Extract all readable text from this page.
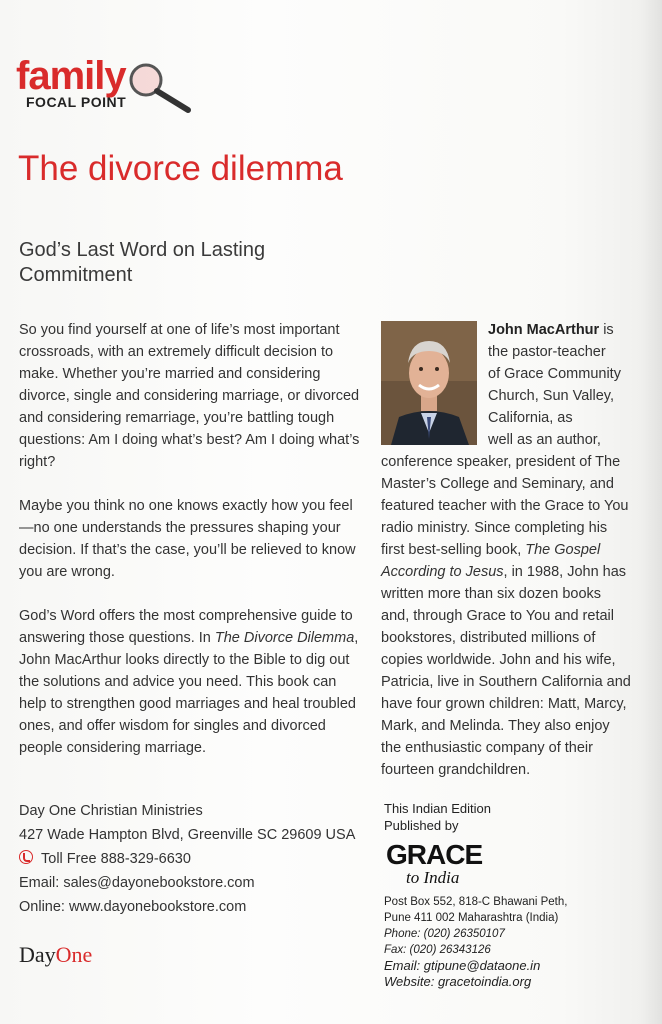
family
FOCAL POINT
The divorce dilemma
God’s Last Word on Lasting Commitment

So you find yourself at one of life’s most important crossroads, with an extremely difficult decision to make. Whether you’re married and considering divorce, single and considering marriage, or divorced and considering remarriage, you’re battling tough questions: Am I doing what’s best? Am I doing what’s right?

Maybe you think no one knows exactly how you feel—no one understands the pressures shaping your decision. If that’s the case, you’ll be relieved to know you are wrong.

God’s Word offers the most comprehensive guide to answering those questions. In The Divorce Dilemma, John MacArthur looks directly to the Bible to dig out the solutions and advice you need. This book can help to strengthen good marriages and heal troubled ones, and offer wisdom for singles and divorced people considering marriage.

John MacArthur is
the pastor-teacher
of Grace Community
Church, Sun Valley,
California, as
well as an author,
conference speaker, president of The Master’s College and Seminary, and featured teacher with the Grace to You radio ministry. Since completing his first best-selling book, The Gospel According to Jesus, in 1988, John has written more than six dozen books and, through Grace to You and retail bookstores, distributed millions of copies worldwide. John and his wife, Patricia, live in Southern California and have four grown children: Matt, Marcy, Mark, and Melinda. They also enjoy the enthusiastic company of their fourteen grandchildren.
Day One Christian Ministries
427 Wade Hampton Blvd, Greenville SC 29609 USA
Toll Free 888-329-6630
Email: sales@dayonebookstore.com
Online: www.dayonebookstore.com
DayOne
This Indian Edition
Published by
GRACE
to India
Post Box 552, 818-C Bhawani Peth,
Pune 411 002 Maharashtra (India)
Phone: (020) 26350107
Fax: (020) 26343126
Email: gtipune@dataone.in
Website: gracetoindia.org
